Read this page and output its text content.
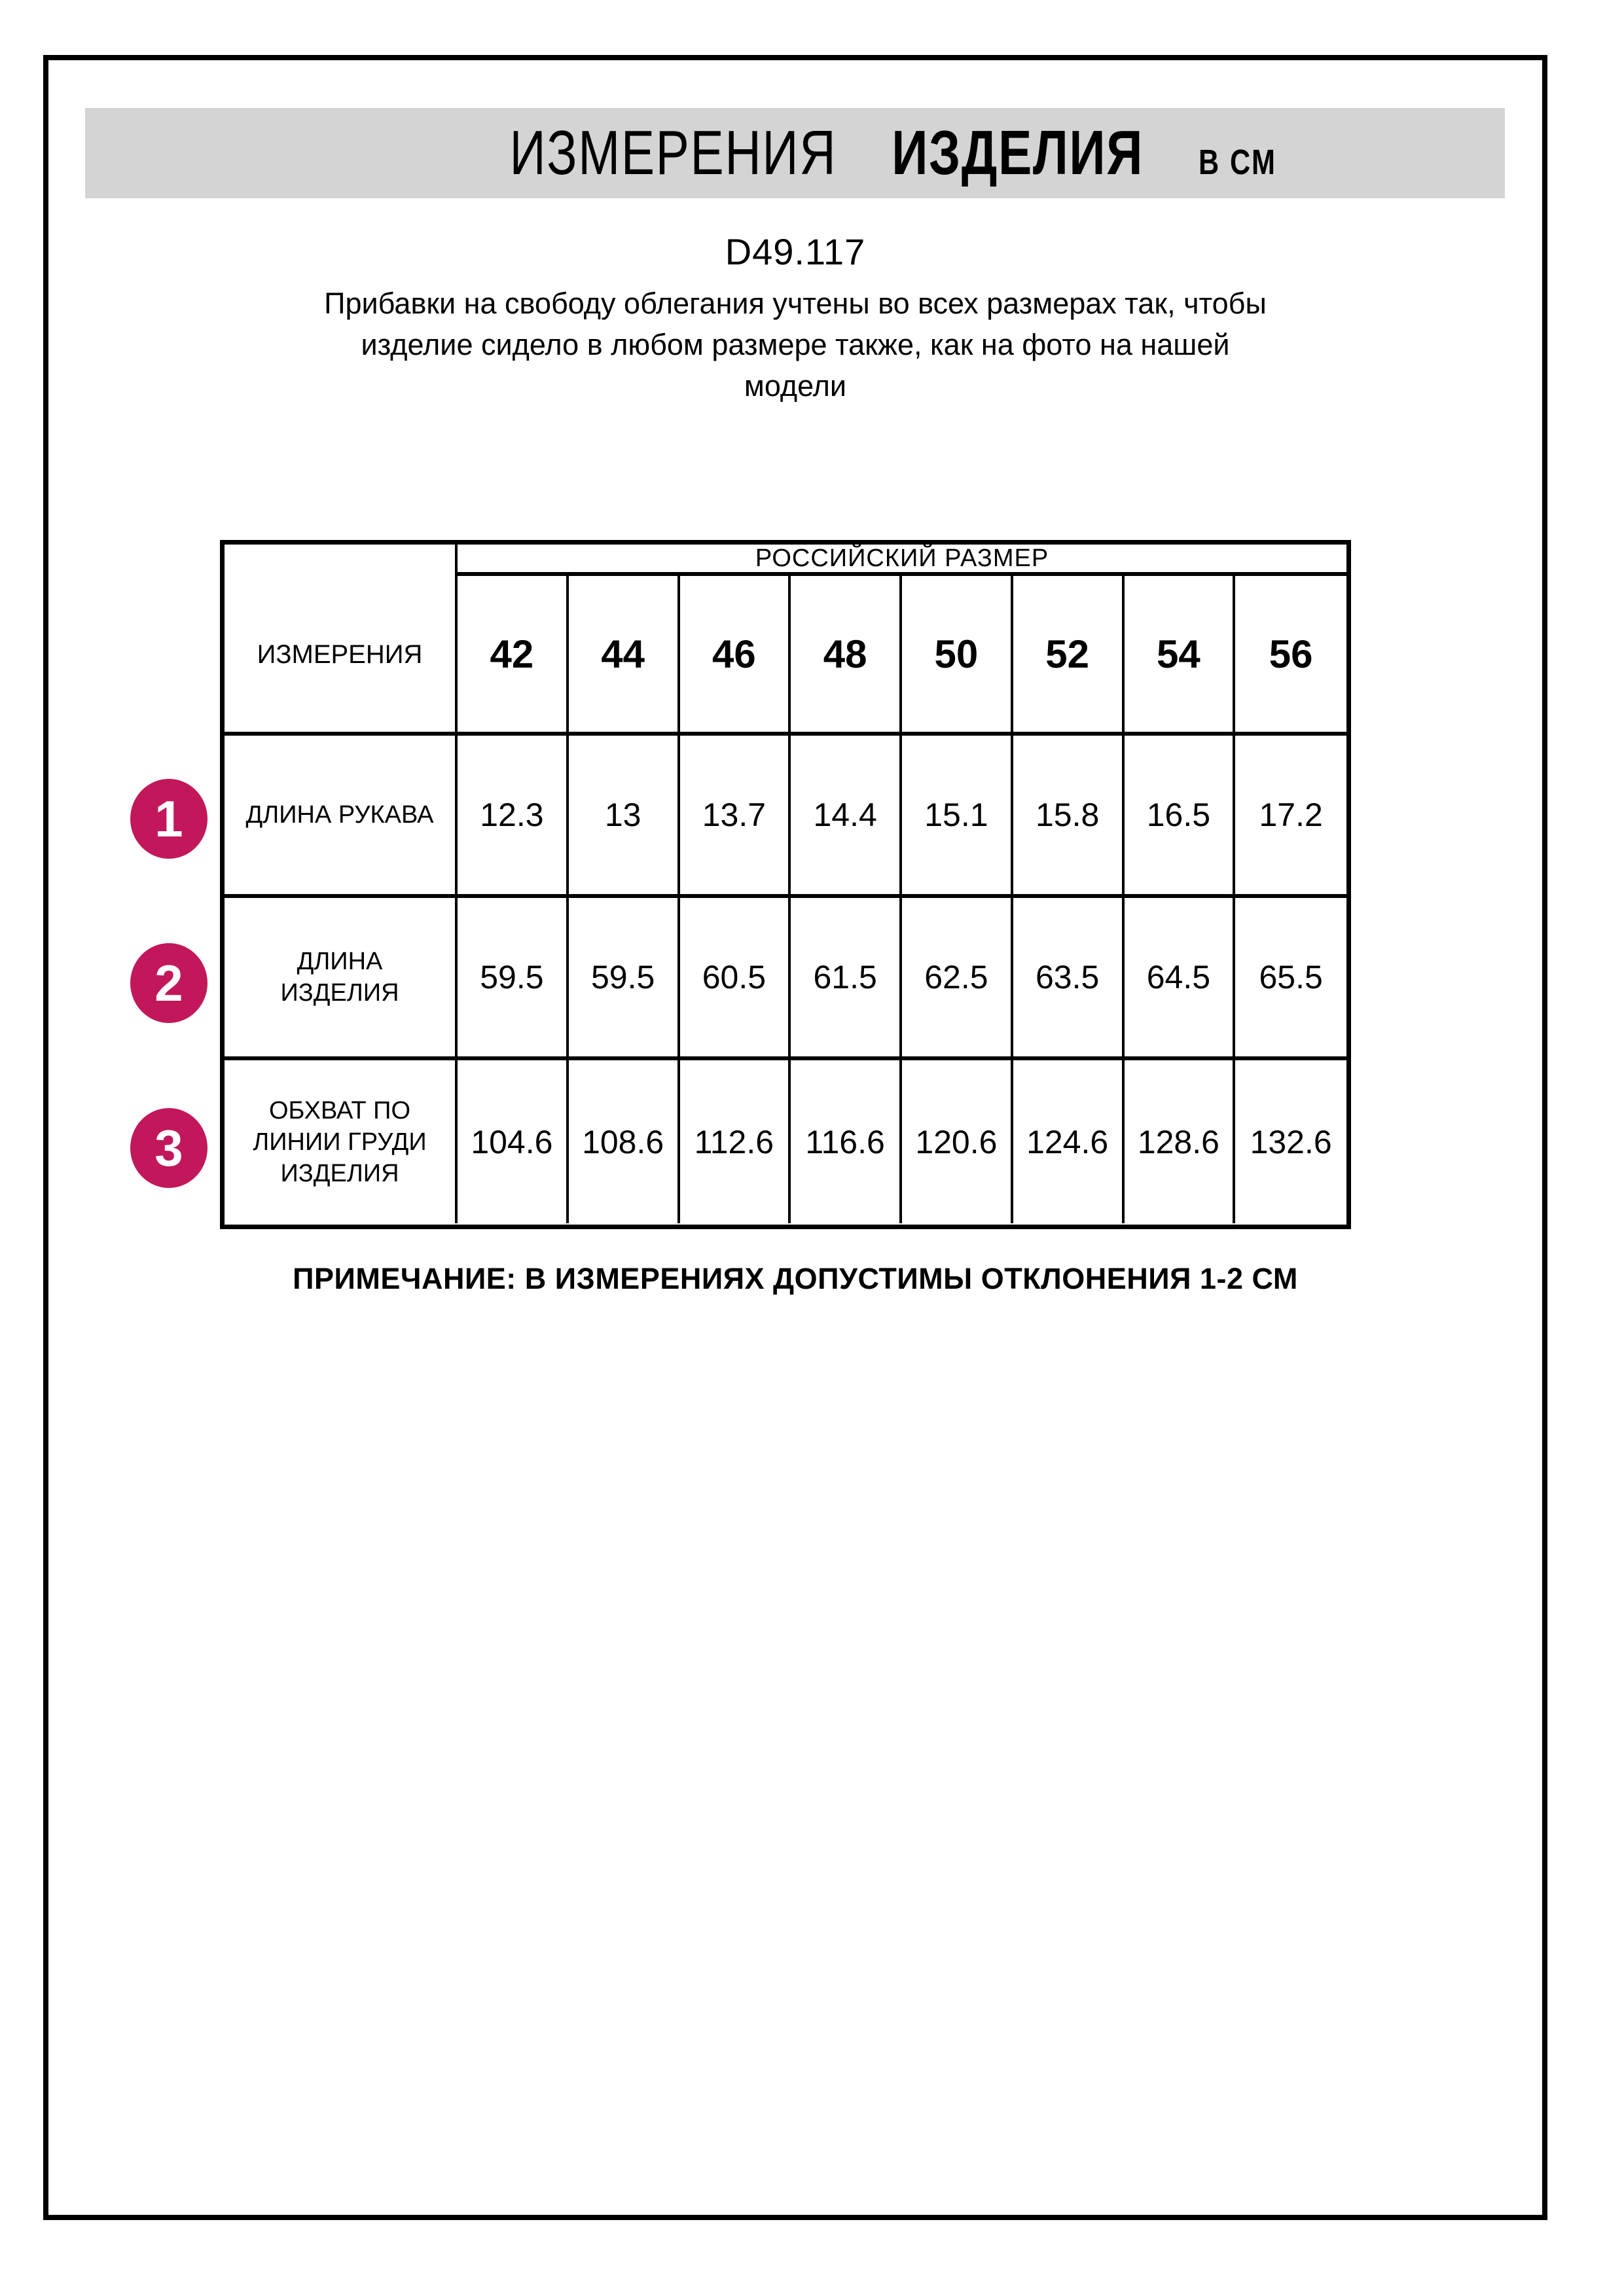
ИЗМЕРЕНИЯ ИЗДЕЛИЯ В СМ
D49.117
Прибавки на свободу облегания учтены во всех размерах так, чтобы
изделие сидело в любом размере также, как на фото на нашей
модели
ИЗМЕРЕНИЯ
РОССИЙСКИЙ РАЗМЕР
42	44	46	48	50	52	54	56
ДЛИНА РУКАВА	12.3	13	13.7	14.4	15.1	15.8	16.5	17.2
ДЛИНА
ИЗДЕЛИЯ	59.5	59.5	60.5	61.5	62.5	63.5	64.5	65.5
ОБХВАТ ПО
ЛИНИИ ГРУДИ
ИЗДЕЛИЯ
104.6 108.6 112.6 116.6 120.6 124.6 128.6 132.6
1
2
3
ПРИМЕЧАНИЕ: В ИЗМЕРЕНИЯХ ДОПУСТИМЫ ОТКЛОНЕНИЯ 1-2 СМ
